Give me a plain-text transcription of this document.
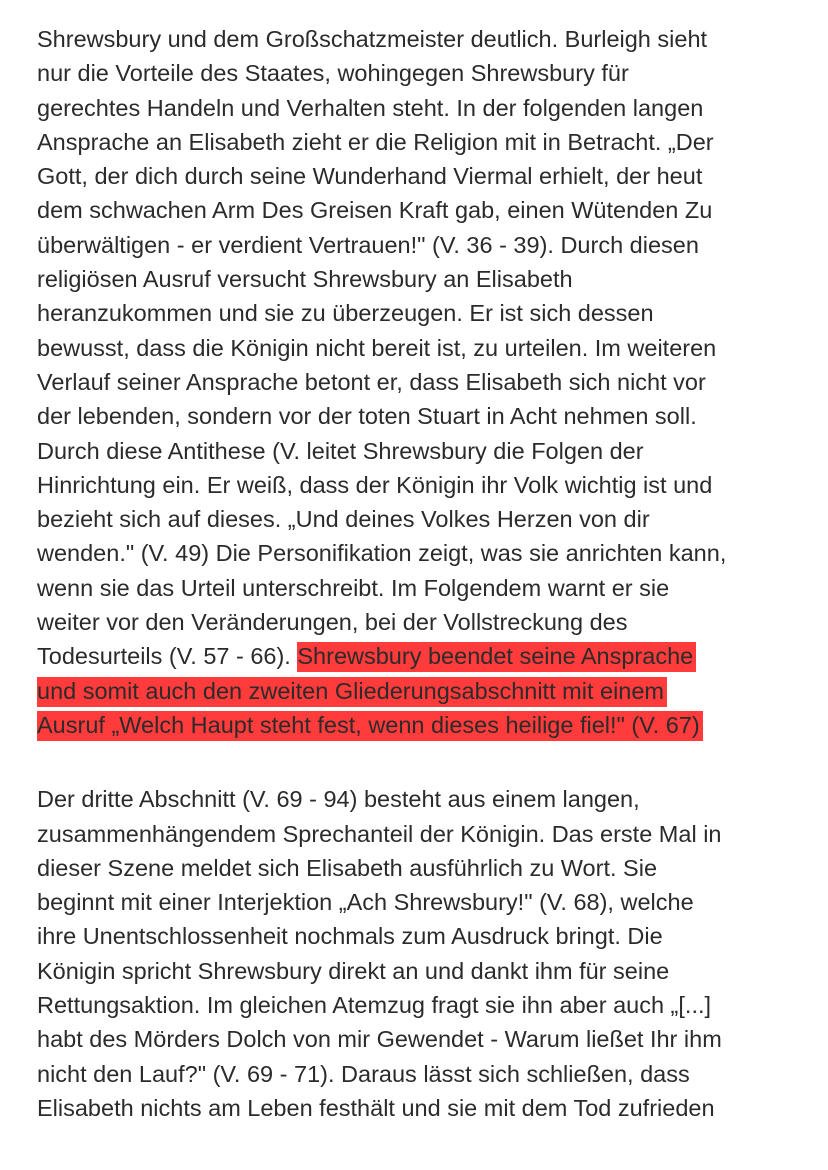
Shrewsbury und dem Großschatzmeister deutlich. Burleigh sieht
nur die Vorteile des Staates, wohingegen Shrewsbury für
gerechtes Handeln und Verhalten steht. In der folgenden langen
Ansprache an Elisabeth zieht er die Religion mit in Betracht. „Der
Gott, der dich durch seine Wunderhand Viermal erhielt, der heut
dem schwachen Arm Des Greisen Kraft gab, einen Wütenden Zu
überwältigen - er verdient Vertrauen!" (V. 36 - 39). Durch diesen
religiösen Ausruf versucht Shrewsbury an Elisabeth
heranzukommen und sie zu überzeugen. Er ist sich dessen
bewusst, dass die Königin nicht bereit ist, zu urteilen. Im weiteren
Verlauf seiner Ansprache betont er, dass Elisabeth sich nicht vor
der lebenden, sondern vor der toten Stuart in Acht nehmen soll.
Durch diese Antithese (V. leitet Shrewsbury die Folgen der
Hinrichtung ein. Er weiß, dass der Königin ihr Volk wichtig ist und
bezieht sich auf dieses. „Und deines Volkes Herzen von dir
wenden." (V. 49) Die Personifikation zeigt, was sie anrichten kann,
wenn sie das Urteil unterschreibt. Im Folgendem warnt er sie
weiter vor den Veränderungen, bei der Vollstreckung des
Todesurteils (V. 57 - 66). Shrewsbury beendet seine Ansprache
und somit auch den zweiten Gliederungsabschnitt mit einem
Ausruf „Welch Haupt steht fest, wenn dieses heilige fiel!" (V. 67)
Der dritte Abschnitt (V. 69 - 94) besteht aus einem langen,
zusammenhängendem Sprechanteil der Königin. Das erste Mal in
dieser Szene meldet sich Elisabeth ausführlich zu Wort. Sie
beginnt mit einer Interjektion „Ach Shrewsbury!" (V. 68), welche
ihre Unentschlossenheit nochmals zum Ausdruck bringt. Die
Königin spricht Shrewsbury direkt an und dankt ihm für seine
Rettungsaktion. Im gleichen Atemzug fragt sie ihn aber auch „[...]
habt des Mörders Dolch von mir Gewendet - Warum ließet Ihr ihm
nicht den Lauf?" (V. 69 - 71). Daraus lässt sich schließen, dass
Elisabeth nichts am Leben festhält und sie mit dem Tod zufrieden
